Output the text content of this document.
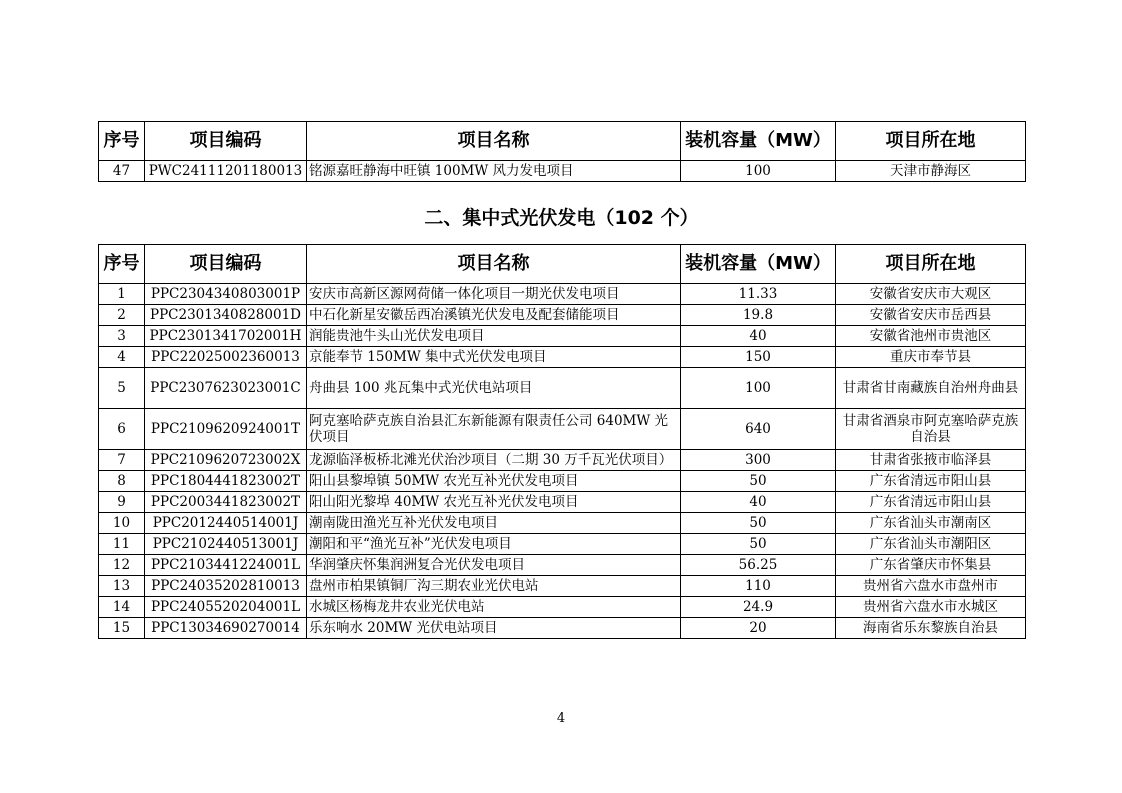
序号	项目编码	项目名称	装机容量（MW）	项目所在地
47	PWC24111201180013	铭源嘉旺静海中旺镇 100MW 风力发电项目	100	天津市静海区
二、集中式光伏发电（102 个）
序号	项目编码	项目名称	装机容量（MW）	项目所在地
1	PPC2304340803001P	安庆市高新区源网荷储一体化项目一期光伏发电项目	11.33	安徽省安庆市大观区
2	PPC2301340828001D	中石化新星安徽岳西冶溪镇光伏发电及配套储能项目	19.8	安徽省安庆市岳西县
3	PPC2301341702001H	润能贵池牛头山光伏发电项目	40	安徽省池州市贵池区
4	PPC22025002360013	京能奉节 150MW 集中式光伏发电项目	150	重庆市奉节县
5	PPC2307623023001C	舟曲县 100 兆瓦集中式光伏电站项目	100	甘肃省甘南藏族自治州舟曲县
6	PPC2109620924001T	阿克塞哈萨克族自治县汇东新能源有限责任公司 640MW 光伏项目	640	甘肃省酒泉市阿克塞哈萨克族自治县
7	PPC2109620723002X	龙源临泽板桥北滩光伏治沙项目（二期 30 万千瓦光伏项目）	300	甘肃省张掖市临泽县
8	PPC1804441823002T	阳山县黎埠镇 50MW 农光互补光伏发电项目	50	广东省清远市阳山县
9	PPC2003441823002T	阳山阳光黎埠 40MW 农光互补光伏发电项目	40	广东省清远市阳山县
10	PPC2012440514001J	潮南陇田渔光互补光伏发电项目	50	广东省汕头市潮南区
11	PPC2102440513001J	潮阳和平“渔光互补”光伏发电项目	50	广东省汕头市潮阳区
12	PPC2103441224001L	华润肇庆怀集润洲复合光伏发电项目	56.25	广东省肇庆市怀集县
13	PPC24035202810013	盘州市柏果镇铜厂沟三期农业光伏电站	110	贵州省六盘水市盘州市
14	PPC2405520204001L	水城区杨梅龙井农业光伏电站	24.9	贵州省六盘水市水城区
15	PPC13034690270014	乐东响水 20MW 光伏电站项目	20	海南省乐东黎族自治县
4
